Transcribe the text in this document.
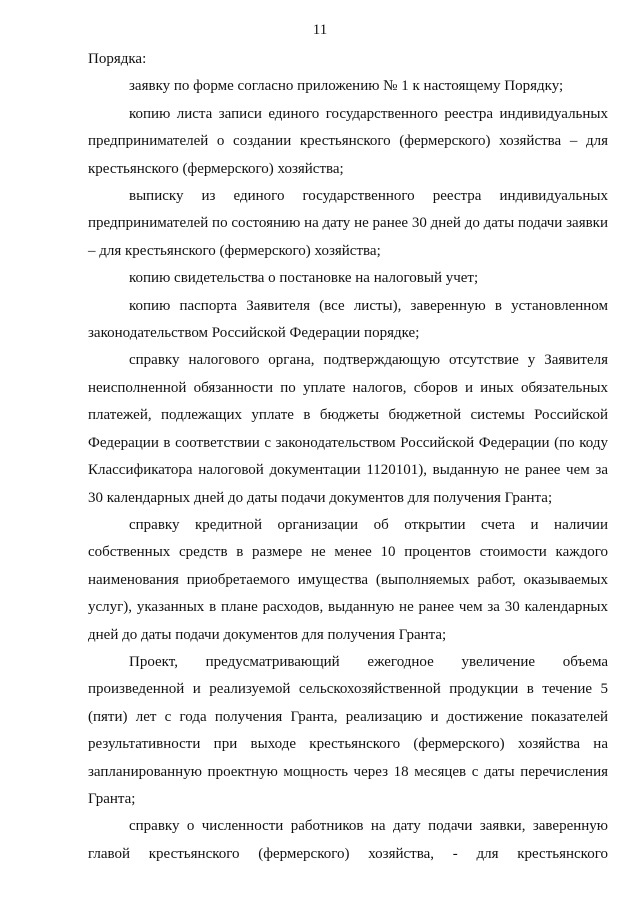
11

Порядка:

заявку по форме согласно приложению № 1 к настоящему Порядку;

копию листа записи единого государственного реестра индивидуальных предпринимателей о создании крестьянского (фермерского) хозяйства – для крестьянского (фермерского) хозяйства;

выписку из единого государственного реестра индивидуальных предпринимателей по состоянию на дату не ранее 30 дней до даты подачи заявки – для крестьянского (фермерского) хозяйства;

копию свидетельства о постановке на налоговый учет;

копию паспорта Заявителя (все листы), заверенную в установленном законодательством Российской Федерации порядке;

справку налогового органа, подтверждающую отсутствие у Заявителя неисполненной обязанности по уплате налогов, сборов и иных обязательных платежей, подлежащих уплате в бюджеты бюджетной системы Российской Федерации в соответствии с законодательством Российской Федерации (по коду Классификатора налоговой документации 1120101), выданную не ранее чем за 30 календарных дней до даты подачи документов для получения Гранта;

справку кредитной организации об открытии счета и наличии собственных средств в размере не менее 10 процентов стоимости каждого наименования приобретаемого имущества (выполняемых работ, оказываемых услуг), указанных в плане расходов, выданную не ранее чем за 30 календарных дней до даты подачи документов для получения Гранта;

Проект, предусматривающий ежегодное увеличение объема произведенной и реализуемой сельскохозяйственной продукции в течение 5 (пяти) лет с года получения Гранта, реализацию и достижение показателей результативности при выходе крестьянского (фермерского) хозяйства на запланированную проектную мощность через 18 месяцев с даты перечисления Гранта;

справку о численности работников на дату подачи заявки, заверенную главой крестьянского (фермерского) хозяйства, - для крестьянского
